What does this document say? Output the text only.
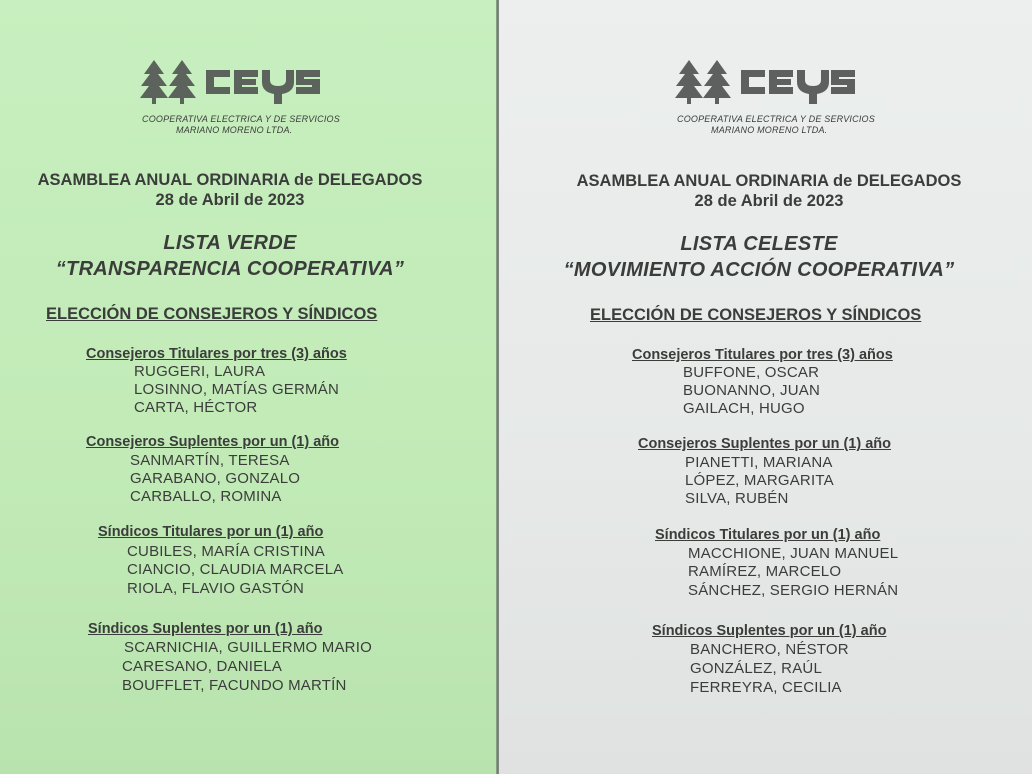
COOPERATIVA ELECTRICA Y DE SERVICIOS
MARIANO MORENO LTDA.
ASAMBLEA ANUAL ORDINARIA de DELEGADOS
28 de Abril de 2023
LISTA VERDE
“TRANSPARENCIA COOPERATIVA”
ELECCIÓN DE CONSEJEROS Y SÍNDICOS
Consejeros Titulares por tres (3) años
RUGGERI, LAURA
LOSINNO, MATÍAS GERMÁN
CARTA, HÉCTOR
Consejeros Suplentes por un (1) año
SANMARTÍN, TERESA
GARABANO, GONZALO
CARBALLO, ROMINA
Síndicos Titulares por un (1) año
CUBILES, MARÍA CRISTINA
CIANCIO, CLAUDIA MARCELA
RIOLA, FLAVIO GASTÓN
Síndicos Suplentes por un (1) año
SCARNICHIA, GUILLERMO MARIO
CARESANO, DANIELA
BOUFFLET, FACUNDO MARTÍN
COOPERATIVA ELECTRICA Y DE SERVICIOS
MARIANO MORENO LTDA.
ASAMBLEA ANUAL ORDINARIA de DELEGADOS
28 de Abril de 2023
LISTA CELESTE
“MOVIMIENTO ACCIÓN COOPERATIVA”
ELECCIÓN DE CONSEJEROS Y SÍNDICOS
Consejeros Titulares por tres (3) años
BUFFONE, OSCAR
BUONANNO, JUAN
GAILACH, HUGO
Consejeros Suplentes por un (1) año
PIANETTI, MARIANA
LÓPEZ, MARGARITA
SILVA, RUBÉN
Síndicos Titulares por un (1) año
MACCHIONE, JUAN MANUEL
RAMÍREZ, MARCELO
SÁNCHEZ, SERGIO HERNÁN
Síndicos Suplentes por un (1) año
BANCHERO, NÉSTOR
GONZÁLEZ, RAÚL
FERREYRA, CECILIA
